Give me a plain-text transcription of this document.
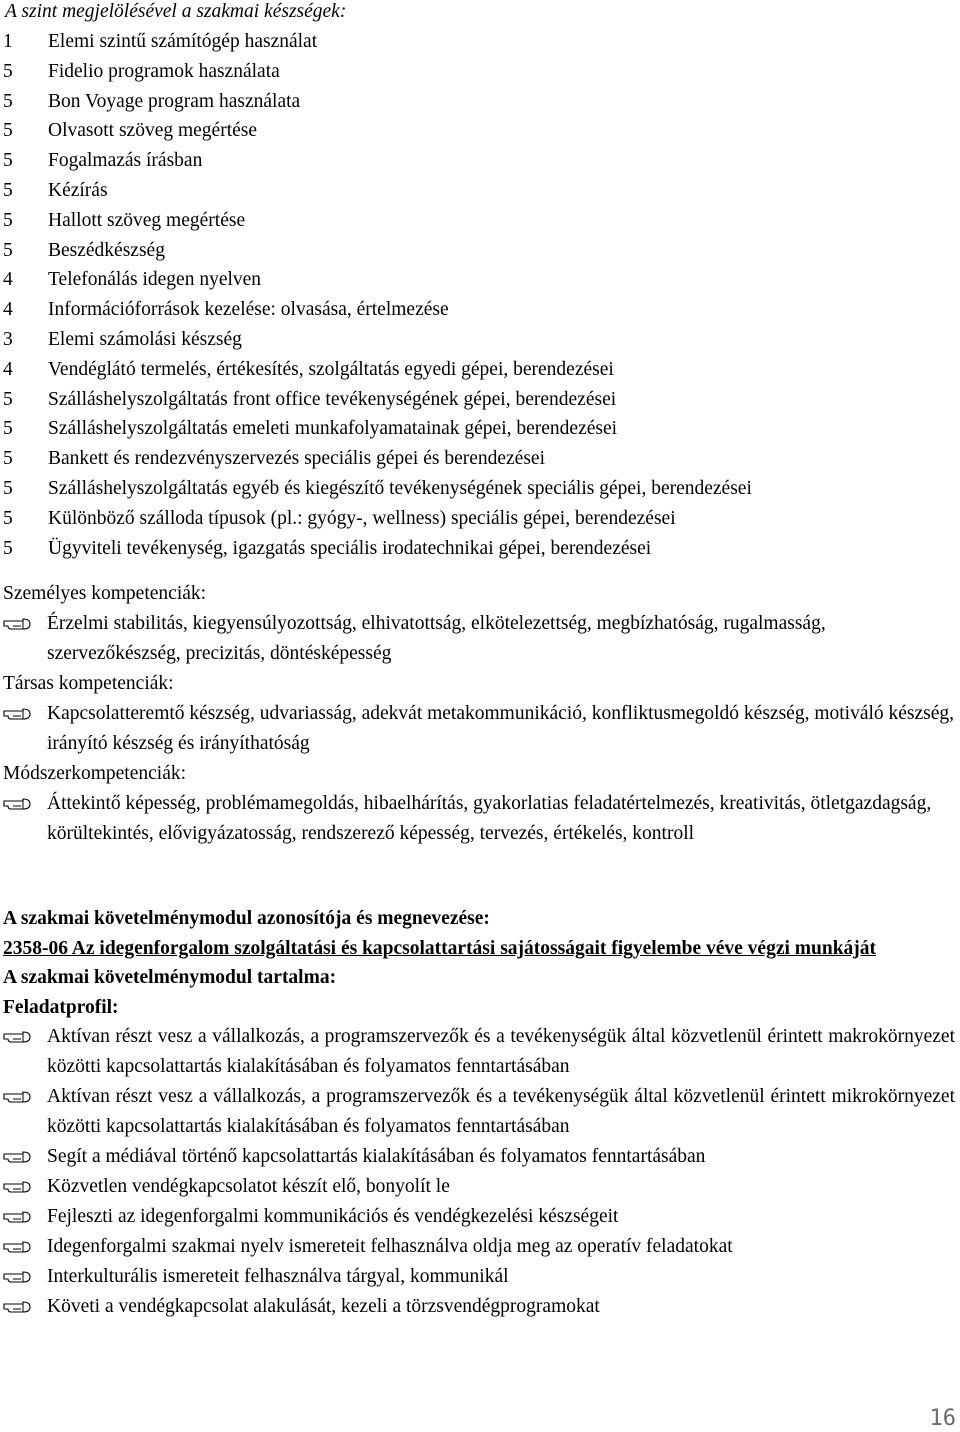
A szint megjelölésével a szakmai készségek:
1	Elemi szintű számítógép használat
5	Fidelio programok használata
5	Bon Voyage program használata
5	Olvasott szöveg megértése
5	Fogalmazás írásban
5	Kézírás
5	Hallott szöveg megértése
5	Beszédkészség
4	Telefonálás idegen nyelven
4	Információforrások kezelése: olvasása, értelmezése
3	Elemi számolási készség
4	Vendéglátó termelés, értékesítés, szolgáltatás egyedi gépei, berendezései
5	Szálláshelyszolgáltatás front office tevékenységének gépei, berendezései
5	Szálláshelyszolgáltatás emeleti munkafolyamatainak gépei, berendezései
5	Bankett és rendezvényszervezés speciális gépei és berendezései
5	Szálláshelyszolgáltatás egyéb és kiegészítő tevékenységének speciális gépei, berendezései
5	Különböző szálloda típusok (pl.: gyógy-, wellness) speciális gépei, berendezései
5	Ügyviteli tevékenység, igazgatás speciális irodatechnikai gépei, berendezései
Személyes kompetenciák:
Érzelmi stabilitás, kiegyensúlyozottság, elhivatottság, elkötelezettség, megbízhatóság, rugalmasság, szervezőkészség, precizitás, döntésképesség
Társas kompetenciák:
Kapcsolatteremtő készség, udvariasság, adekvát metakommunikáció, konfliktusmegoldó készség, motiváló készség, irányító készség és irányíthatóság
Módszerkompetenciák:
Áttekintő képesség, problémamegoldás, hibaelhárítás, gyakorlatias feladatértelmezés, kreativitás, ötletgazdagság, körültekintés, elővigyázatosság, rendszerező képesség, tervezés, értékelés, kontroll
A szakmai követelménymodul azonosítója és megnevezése:
2358-06 Az idegenforgalom szolgáltatási és kapcsolattartási sajátosságait figyelembe véve végzi munkáját
A szakmai követelménymodul tartalma:
Feladatprofil:
Aktívan részt vesz a vállalkozás, a programszervezők és a tevékenységük által közvetlenül érintett makrokörnyezet közötti kapcsolattartás kialakításában és folyamatos fenntartásában
Aktívan részt vesz a vállalkozás, a programszervezők és a tevékenységük által közvetlenül érintett mikrokörnyezet közötti kapcsolattartás kialakításában és folyamatos fenntartásában
Segít a médiával történő kapcsolattartás kialakításában és folyamatos fenntartásában
Közvetlen vendégkapcsolatot készít elő, bonyolít le
Fejleszti az idegenforgalmi kommunikációs és vendégkezelési készségeit
Idegenforgalmi szakmai nyelv ismereteit felhasználva oldja meg az operatív feladatokat
Interkulturális ismereteit felhasználva tárgyal, kommunikál
Követi a vendégkapcsolat alakulását, kezeli a törzsvendégprogramokat
16
